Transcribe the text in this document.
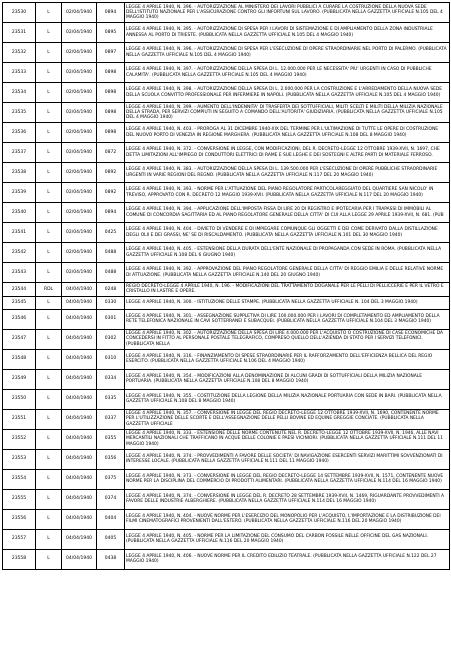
23530	L	02/04/1940	0894	LEGGE 4 APRILE 1940, N. 396. - AUTORIZZAZIONE AL MINISTERO DEI LAVORI PUBBLICI A CURARE LA COSTRUZIONE DELLA NUOVA SEDE DELL'ISTITUTO NAZIONALE PER L'ASSICURAZIONE CONTRO GLI INFORTUNI SUL LAVORO. (PUBBLICATA NELLA GAZZETTA UFFICIALE N.105 DEL 4 MAGGIO 1940)
23531	L	02/04/1940	0895	LEGGE 4 APRILE 1940, N. 395. - AUTORIZZAZIONE DI SPESA PER I LAVORI DI SISTEMAZIONE E DI AMPLIAMENTO DELLA ZONA INDUSTRIALE ANNESSA AL PORTO DI TRIESTE. (PUBBLICATA NELLA GAZZETTA UFFICIALE N.105 DEL 4 MAGGIO 1940)
23532	L	02/04/1940	0897	LEGGE 4 APRILE 1940, N. 396. - AUTORIZZAZIONE DI SPESA PER L'ESECUZIONE DI OPERE STRAORDINARIE NEL PORTO DI PALERMO. (PUBBLICATA NELLA GAZZETTA UFFICIALE N.105 DEL 4 MAGGIO 1940)
23533	L	02/04/1940	0898	LEGGE 4 APRILE 1940, N. 397. - AUTORIZZAZIONE DELLA SPESA DI L. 12.000.000 PER LE NECESSITA' PIU' URGENTI IN CASO DI PUBBLICHE CALAMITA'. (PUBBLICATA NELLA GAZZETTA UFFICIALE N.105 DEL 4 MAGGIO 1940)
23534	L	02/04/1940	0898	LEGGE 4 APRILE 1940, N. 398. - AUTORIZZAZIONE DELLA SPESA DI L. 2.000.000 PER LA COSTRUZIONE E L'ARREDAMENTO DELLA NUOVA SEDE DELLA SCUOLA CONVITTO PROFESSIONALE PER INFERMIERE IN NAPOLI. (PUBBLICATA NELLA GAZZETTA UFFICIALE N.105 DEL 4 MAGGIO 1940)
23535	L	02/04/1940	0898	LEGGE 4 APRILE 1940, N. 399. - AUMENTO DELL'INDENNITA' DI TRASFERTA DEI SOTTUFFICIALI, MILITI SCELTI E MILITI DELLA MILIZIA NAZIONALE DELLA STRADA, PER SERVIZI COMPIUTI IN SEGUITO A COMANDO DELL'AUTORITA' GIUDIZIARIA. (PUBBLICATA NELLA GAZZETTA UFFICIALE N.105 DEL 4 MAGGIO 1940)
23536	L	02/04/1940	0898	LEGGE 4 APRILE 1940, N. 403. - PROROGA AL 31 DICEMBRE 1940-XIX DEL TERMINE PER L'ULTIMAZIONE DI TUTTE LE OPERE DI COSTRUZIONE DEL NUOVO PORTO DI VENEZIA IN REGIONE MARGHERA. (PUBBLICATA NELLA GAZZETTA UFFICIALE N.108 DEL 8 MAGGIO 1940)
23537	L	02/04/1940	0872	LEGGE 4 APRILE 1940, N. 372. - CONVERSIONE IN LEGGE, CON MODIFICAZIONI, DEL R. DECRETO-LEGGE 12 OTTOBRE 1939-XVII, N. 1697, CHE DETTA LIMITAZIONI ALL'IMPIEGO DI CONDUTTORI ELETTRICI DI RAME E SUE LEGHE E DEI SOSTEGNI E ALTRE PARTI DI MATERIALE FERROSO.
23538	L	02/04/1940	0892	LEGGE 4 APRILE 1940, N. 383. - AUTORIZZAZIONE DELLA SPESA DI L. 139.500.000 PER L'ESECUZIONE DI OPERE PUBBLICHE STRAORDINARIE URGENTI IN VARIE REGIONI DEL REGNO. (PUBBLICATA NELLA GAZZETTA UFFICIALE N.117 DEL 20 MAGGIO 1940)
23539	L	02/04/1940	0892	LEGGE 4 APRILE 1940, N. 393. - NORME PER L'ATTUAZIONE DEL PIANO REGOLATORE PARTICOLAREGGIATO DEL QUARTIERE SAN NICOLO' IN TREVISO, APPROVATO CON R. DECRETO 12 MAGGIO 1939-XVII. (PUBBLICATA NELLA GAZZETTA UFFICIALE N.117 DEL 20 MAGGIO 1940)
23540	L	02/04/1940	0894	LEGGE 4 APRILE 1940, N. 394. - APPLICAZIONE DELL'IMPOSTA FISSA DI LIRE 20 DI REGISTRO E IPOTECARIA PER I TRAPASSI DI IMMOBILI AL COMUNE DI CONCORDIA SAGITTARIA ED AL PIANO REGOLATORE GENERALE DELLA CITTA' DI CUI ALLA LEGGE 29 APRILE 1939-XVII, N. 681. (PUB
23541	L	02/04/1940	0425	LEGGE 4 APRILE 1940, N. 404. - DIVIETO DI VENDERE E DI IMPIEGARE COMUNQUE GLI OGGETTI E DEI COME DERIVATO DALLA DISTILLAZIONE DEGLI OLII E DEI GRASSI, NE' SE DI RISCALDAMENTO. (PUBBLICATA NELLA GAZZETTA UFFICIALE N.101 DEL 30 MAGGIO 1940)
23542	L	02/04/1940	0488	LEGGE 4 APRILE 1940, N. 405. - ESTENSIONE DELLA DURATA DELL'ENTE NAZIONALE DI PROPAGANDA CON SEDE IN ROMA. (PUBBLICATA NELLA GAZZETTA UFFICIALE N.108 DEL 6 GIUGNO 1940)
23543	L	02/04/1940	0488	LEGGE 4 APRILE 1940, N. 392. - APPROVAZIONE DEL PIANO REGOLATORE GENERALE DELLA CITTA' DI REGGIO EMILIA E DELLE RELATIVE NORME DI ATTUAZIONE. (PUBBLICATA NELLA GAZZETTA UFFICIALE N.140 DEL 20 GIUGNO 1940)
23544	RDL	04/04/1940	0248	REGIO DECRETO-LEGGE 4 APRILE 1940, N. 196. - MODIFICAZIONI DEL TRATTAMENTO DOGANALE PER LE PELLI DI PELLICCERIE E PER IL VETRO E CRISTALLO IN LASTRE E OPERE.
23545	L	04/04/1940	0330	LEGGE 4 APRILE 1940, N. 300. - ISTITUZIONE DELLE STAMPE. (PUBBLICATA NELLA GAZZETTA UFFICIALE N. 104 DEL 3 MAGGIO 1940)
23546	L	04/04/1940	0301	LEGGE 4 APRILE 1940, N. 301. - ASSEGNAZIONE SUPPLETIVA DI LIRE 100.000.000 PER I LAVORI DI COMPLETAMENTO ED AMPLIAMENTO DELLA RETE TELEFONICA NAZIONALE IN CAVI SOTTERRANEI E SUBACQUEI. (PUBBLICATA NELLA GAZZETTA UFFICIALE N.104 DEL 3 MAGGIO 1940)
23547	L	04/04/1940	0302	LEGGE 4 APRILE 1940, N. 302. - AUTORIZZAZIONE DELLA SPESA DI LIRE 4.000.000 PER L'ACQUISTO O COSTRUZIONE DI CASE ECONOMICHE DA CONCEDERSI IN FITTO AL PERSONALE POSTALE TELEGRAFICO, COMPRESO QUELLO DELL'AZIENDA DI STATO PER I SERVIZI TELEFONICI. (PUBBLICATA NELLA
23548	L	04/04/1940	0310	LEGGE 4 APRILE 1940, N. 316. - FINANZIAMENTO DI SPESE STRAORDINARIE PER IL RAFFORZAMENTO DELL'EFFICIENZA BELLICA DEL REGIO ESERCITO. (PUBBLICATA NELLA GAZZETTA UFFICIALE N.106 DEL 4 MAGGIO 1940)
23549	L	04/04/1940	0334	LEGGE 4 APRILE 1940, N. 354. - MODIFICAZIONI ALLA DENOMINAZIONE DI ALCUNI GRADI DI SOTTUFFICIALI DELLA MILIZIA NAZIONALE PORTUARIA. (PUBBLICATA NELLA GAZZETTA UFFICIALE N.108 DEL 8 MAGGIO 1940)
23550	L	04/04/1940	0335	LEGGE 4 APRILE 1940, N. 355. - COSTITUZIONE DELLA LEGIONE DELLA MILIZIA NAZIONALE PORTUARIA CON SEDE IN BARI. (PUBBLICATA NELLA GAZZETTA UFFICIALE N.108 DEL 8 MAGGIO 1940)
23551	L	04/04/1940	0337	LEGGE 4 APRILE 1940, N. 357. - CONVERSIONE IN LEGGE DEL REGIO DECRETO-LEGGE 12 OTTOBRE 1939-XVII, N. 1690, CONTENENTE NORME PER L'UTILIZZAZIONE DELLE SCORTE E DELL'ASSEGNAZIONE DELLE PELLI BOVINE ED EQUINE GREGGIE CONCIATE. (PUBBLICATA NELLA GAZZETTA UFFICIALE
23552	L	04/04/1940	0355	LEGGE 4 APRILE 1940, N. 333. - ESTENSIONE DELLE NORME CONTENUTE NEL R. DECRETO-LEGGE 12 OTTOBRE 1939-XVII, N. 1946, ALLE NAVI MERCANTILI NAZIONALI CHE TRAFFICANO IN ACQUE DELLE COLONIE E PAESI VICINIORI. (PUBBLICATA NELLA GAZZETTA UFFICIALE N.111 DEL 11 MAGGIO 1940)
23553	L	04/04/1940	0356	LEGGE 4 APRILE 1940, N. 374. - PROVVEDIMENTI A FAVORE DELLE SOCIETA' DI NAVIGAZIONE ESERCENTI SERVIZI MARITTIMI SOVVENZIONATI DI INTERESSE LOCALE. (PUBBLICATA NELLA GAZZETTA UFFICIALE N.111 DEL 11 MAGGIO 1940)
23554	L	04/04/1940	0375	LEGGE 4 APRILE 1940, N. 373. - CONVERSIONE IN LEGGE DEL REGIO DECRETO-LEGGE 14 SETTEMBRE 1939-XVII, N. 1571, CONTENENTE NUOVE NORME PER LA DISCIPLINA DEL COMMERCIO DI PRODOTTI ALIMENTARI. (PUBBLICATA NELLA GAZZETTA UFFICIALE N.114 DEL 16 MAGGIO 1940)
23555	L	04/04/1940	0374	LEGGE 4 APRILE 1940, N. 374. - CONVERSIONE IN LEGGE DEL R. DECRETO 28 SETTEMBRE 1939-XVII, N. 1469, RIGUARDANTE PROVVEDIMENTI A FAVORE DELLE INDUSTRIE ALBERGHIERE. (PUBBLICATA NELLA GAZZETTA UFFICIALE N.114 DEL 16 MAGGIO 1940)
23556	L	04/04/1940	0404	LEGGE 4 APRILE 1940, N. 404. - NUOVE NORME PER L'ESERCIZIO DEL MONOPOLIO PER L'ACQUISTO, L'IMPORTAZIONE E LA DISTRIBUZIONE DEI FILMI CINEMATOGRAFICI PROVENIENTI DALL'ESTERO. (PUBBLICATA NELLA GAZZETTA UFFICIALE N.116 DEL 20 MAGGIO 1940)
23557	L	04/04/1940	0405	LEGGE 4 APRILE 1940, N. 405. - NORME PER LA LIMITAZIONE DEL CONSUMO DEL CARBON FOSSILE NELLE OFFICINE DEL GAS NAZIONALI. (PUBBLICATA NELLA GAZZETTA UFFICIALE N.116 DEL 20 MAGGIO 1940)
23558	L	04/04/1940	0438	LEGGE 4 APRILE 1940, N. 406. - NUOVE NORME PER IL CREDITO EDILIZIO TEATRALE. (PUBBLICATA NELLA GAZZETTA UFFICIALE N.122 DEL 27 MAGGIO 1940)
